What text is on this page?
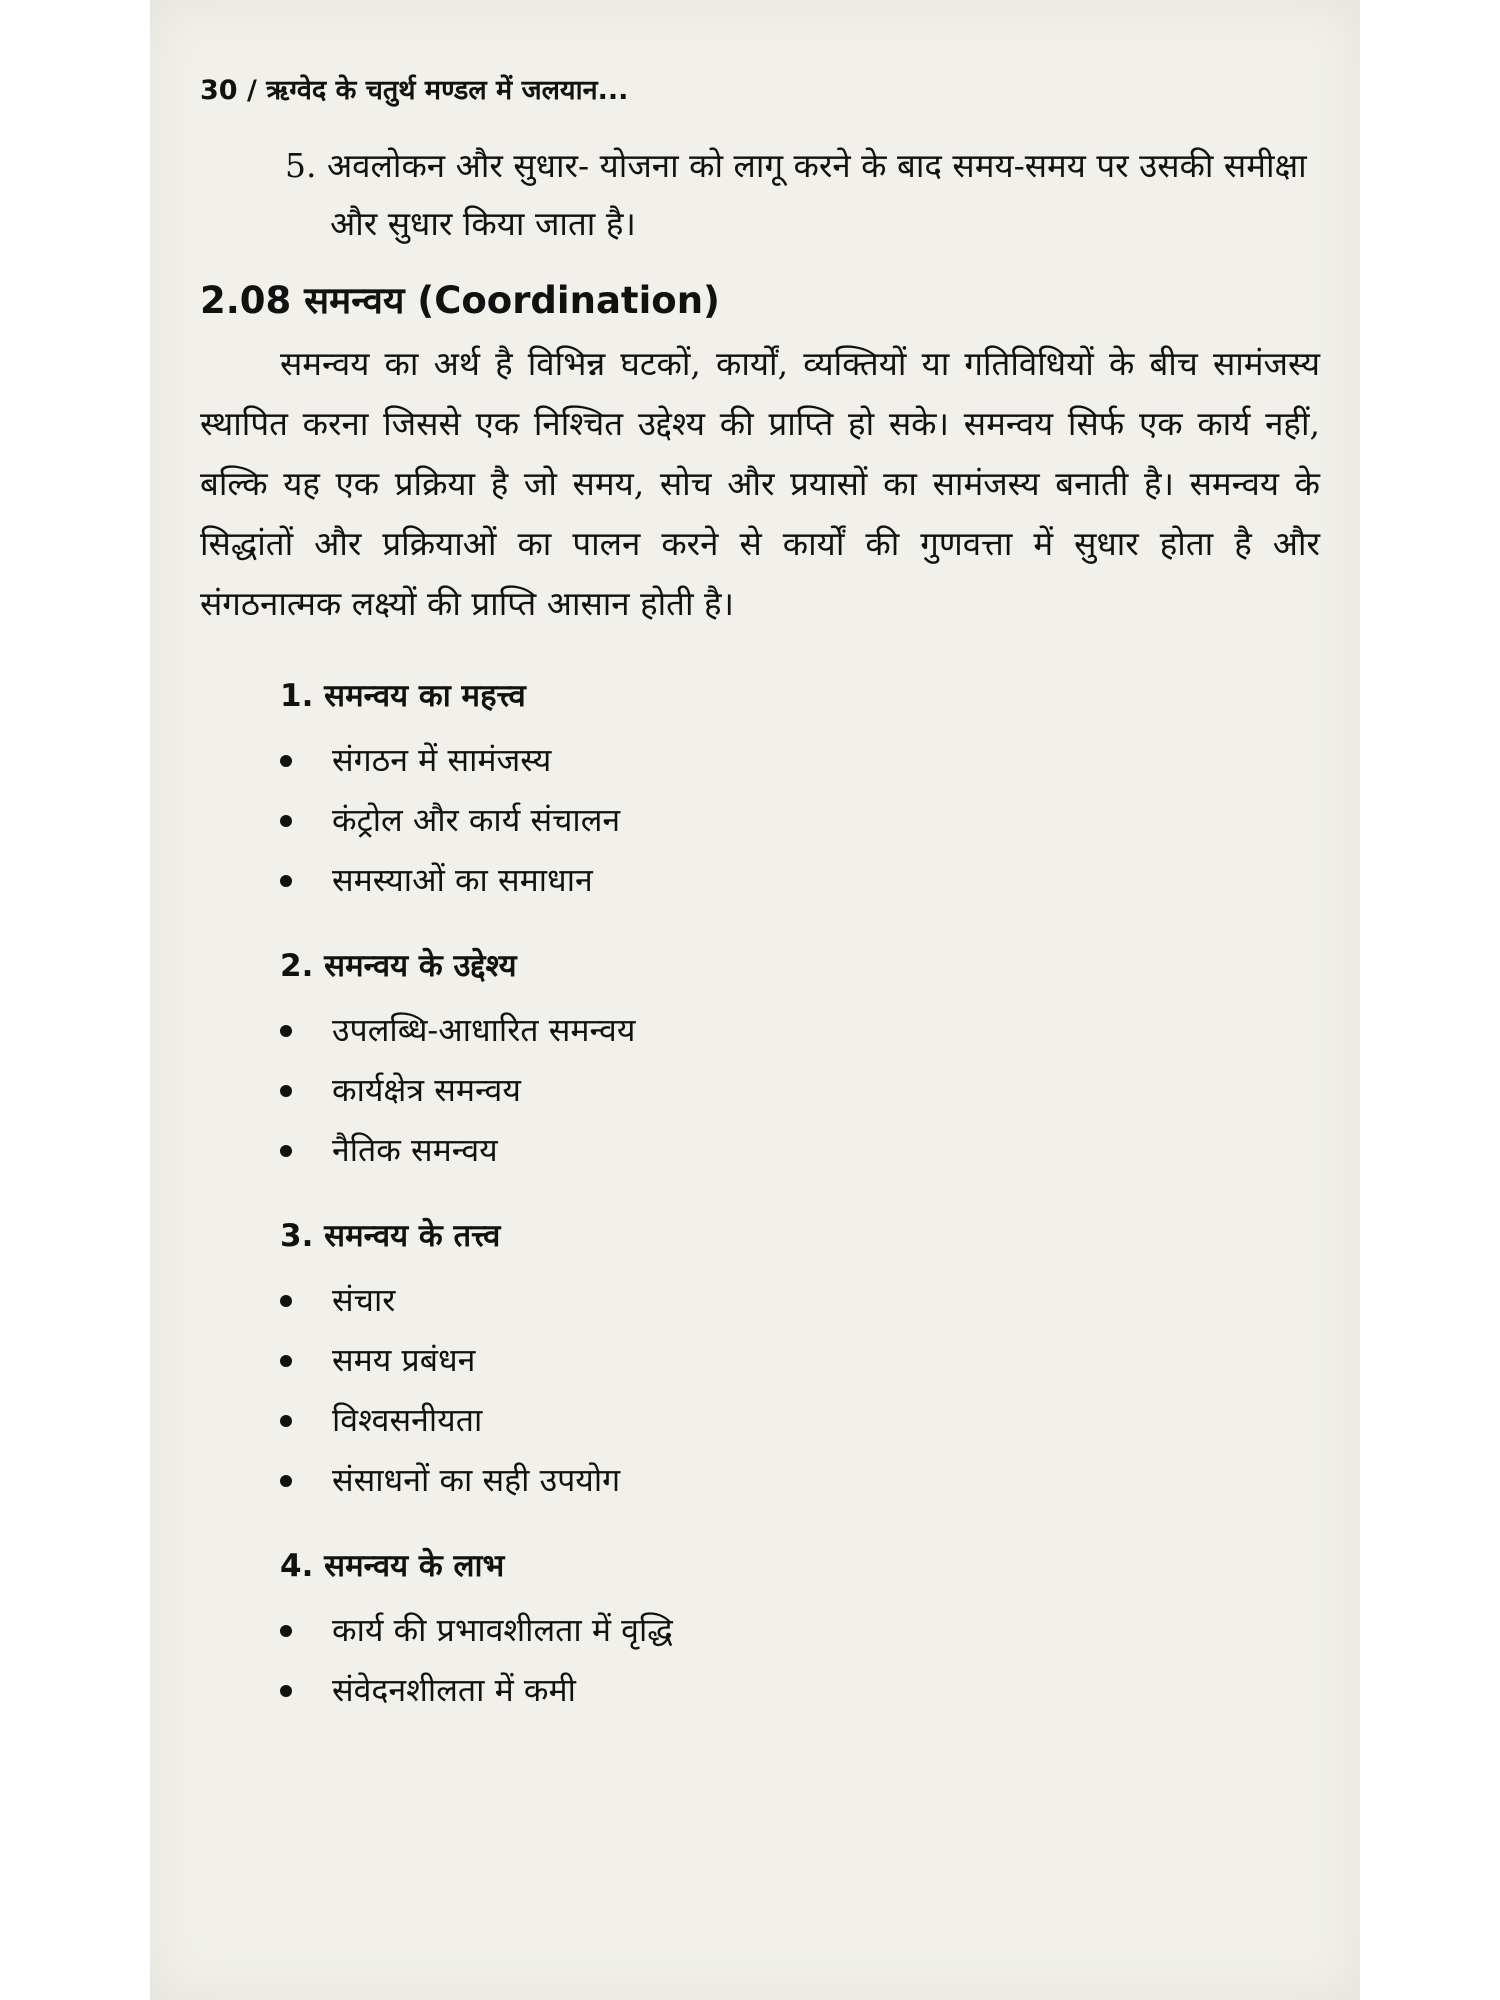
30 / ऋग्वेद के चतुर्थ मण्डल में जलयान...

5. अवलोकन और सुधार- योजना को लागू करने के बाद समय-समय पर उसकी समीक्षा और सुधार किया जाता है।

2.08 समन्वय (Coordination)

समन्वय का अर्थ है विभिन्न घटकों, कार्यों, व्यक्तियों या गतिविधियों के बीच सामंजस्य स्थापित करना जिससे एक निश्चित उद्देश्य की प्राप्ति हो सके। समन्वय सिर्फ एक कार्य नहीं, बल्कि यह एक प्रक्रिया है जो समय, सोच और प्रयासों का सामंजस्य बनाती है। समन्वय के सिद्धांतों और प्रक्रियाओं का पालन करने से कार्यों की गुणवत्ता में सुधार होता है और संगठनात्मक लक्ष्यों की प्राप्ति आसान होती है।

1. समन्वय का महत्त्व
संगठन में सामंजस्य
कंट्रोल और कार्य संचालन
समस्याओं का समाधान
2. समन्वय के उद्देश्य
उपलब्धि-आधारित समन्वय
कार्यक्षेत्र समन्वय
नैतिक समन्वय
3. समन्वय के तत्त्व
संचार
समय प्रबंधन
विश्वसनीयता
संसाधनों का सही उपयोग
4. समन्वय के लाभ
कार्य की प्रभावशीलता में वृद्धि
संवेदनशीलता में कमी
